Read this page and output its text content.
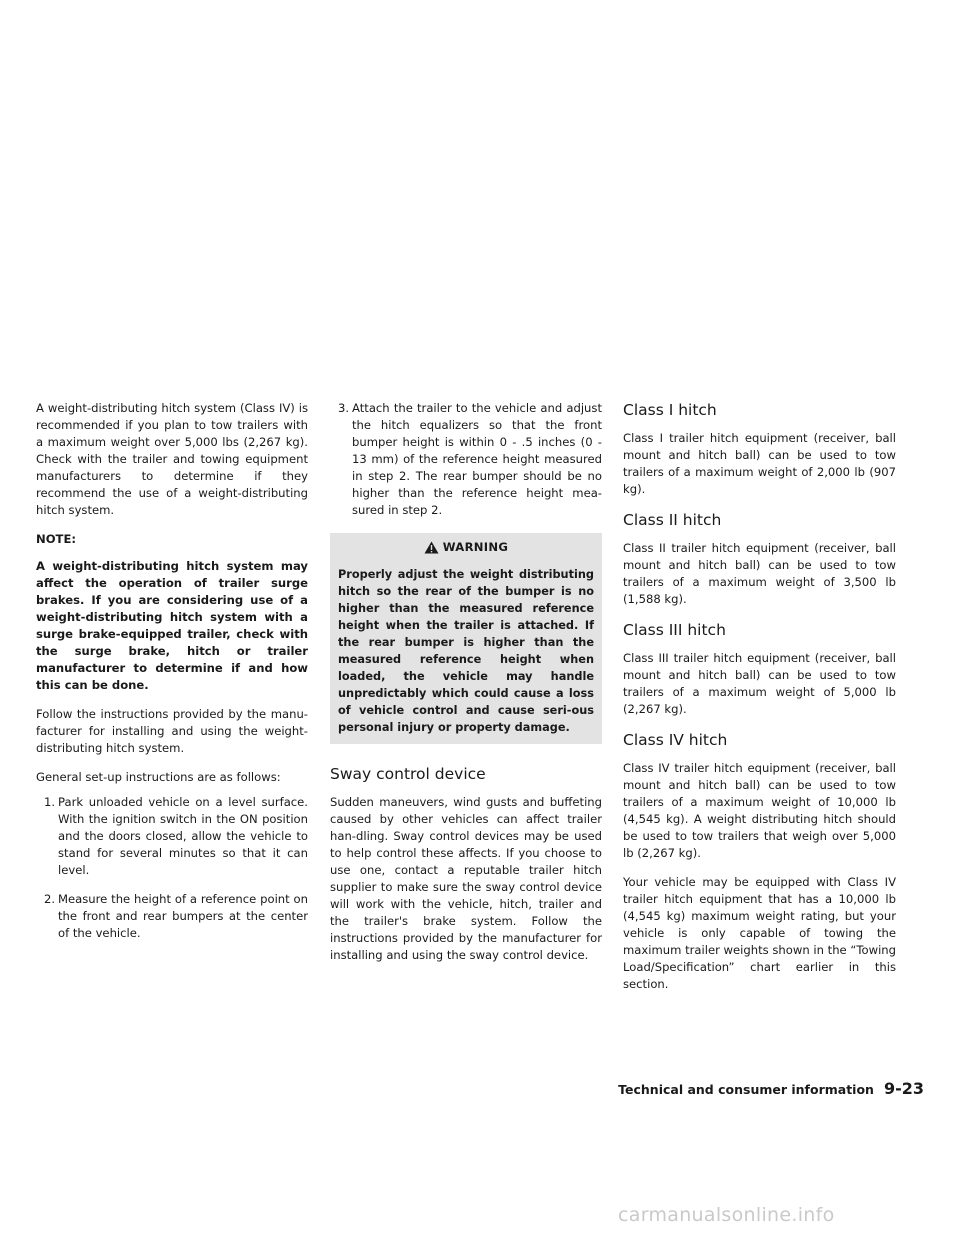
A weight-distributing hitch system (Class IV) is recommended if you plan to tow trailers with a maximum weight over 5,000 lbs (2,267 kg). Check with the trailer and towing equipment manufacturers to determine if they recommend the use of a weight-distributing hitch system.

NOTE:

A weight-distributing hitch system may affect the operation of trailer surge brakes. If you are considering use of a weight-distributing hitch system with a surge brake-equipped trailer, check with the surge brake, hitch or trailer manufacturer to determine if and how this can be done.

Follow the instructions provided by the manu-facturer for installing and using the weight-distributing hitch system.

General set-up instructions are as follows:

1. Park unloaded vehicle on a level surface. With the ignition switch in the ON position and the doors closed, allow the vehicle to stand for several minutes so that it can level.
2. Measure the height of a reference point on the front and rear bumpers at the center of the vehicle.
3. Attach the trailer to the vehicle and adjust the hitch equalizers so that the front bumper height is within 0 - .5 inches (0 - 13 mm) of the reference height measured in step 2. The rear bumper should be no higher than the reference height mea-sured in step 2.
WARNING
Properly adjust the weight distributing hitch so the rear of the bumper is no higher than the measured reference height when the trailer is attached. If the rear bumper is higher than the measured reference height when loaded, the vehicle may handle unpredictably which could cause a loss of vehicle control and cause seri-ous personal injury or property damage.
Sway control device

Sudden maneuvers, wind gusts and buffeting caused by other vehicles can affect trailer han-dling. Sway control devices may be used to help control these affects. If you choose to use one, contact a reputable trailer hitch supplier to make sure the sway control device will work with the vehicle, hitch, trailer and the trailer's brake system. Follow the instructions provided by the manufacturer for installing and using the sway control device.

Class I hitch

Class I trailer hitch equipment (receiver, ball mount and hitch ball) can be used to tow trailers of a maximum weight of 2,000 lb (907 kg).

Class II hitch

Class II trailer hitch equipment (receiver, ball mount and hitch ball) can be used to tow trailers of a maximum weight of 3,500 lb (1,588 kg).

Class III hitch

Class III trailer hitch equipment (receiver, ball mount and hitch ball) can be used to tow trailers of a maximum weight of 5,000 lb (2,267 kg).

Class IV hitch

Class IV trailer hitch equipment (receiver, ball mount and hitch ball) can be used to tow trailers of a maximum weight of 10,000 lb (4,545 kg). A weight distributing hitch should be used to tow trailers that weigh over 5,000 lb (2,267 kg).

Your vehicle may be equipped with Class IV trailer hitch equipment that has a 10,000 lb (4,545 kg) maximum weight rating, but your vehicle is only capable of towing the maximum trailer weights shown in the “Towing Load/Specification” chart earlier in this section.

Technical and consumer information 9-23
carmanualsonline.info
